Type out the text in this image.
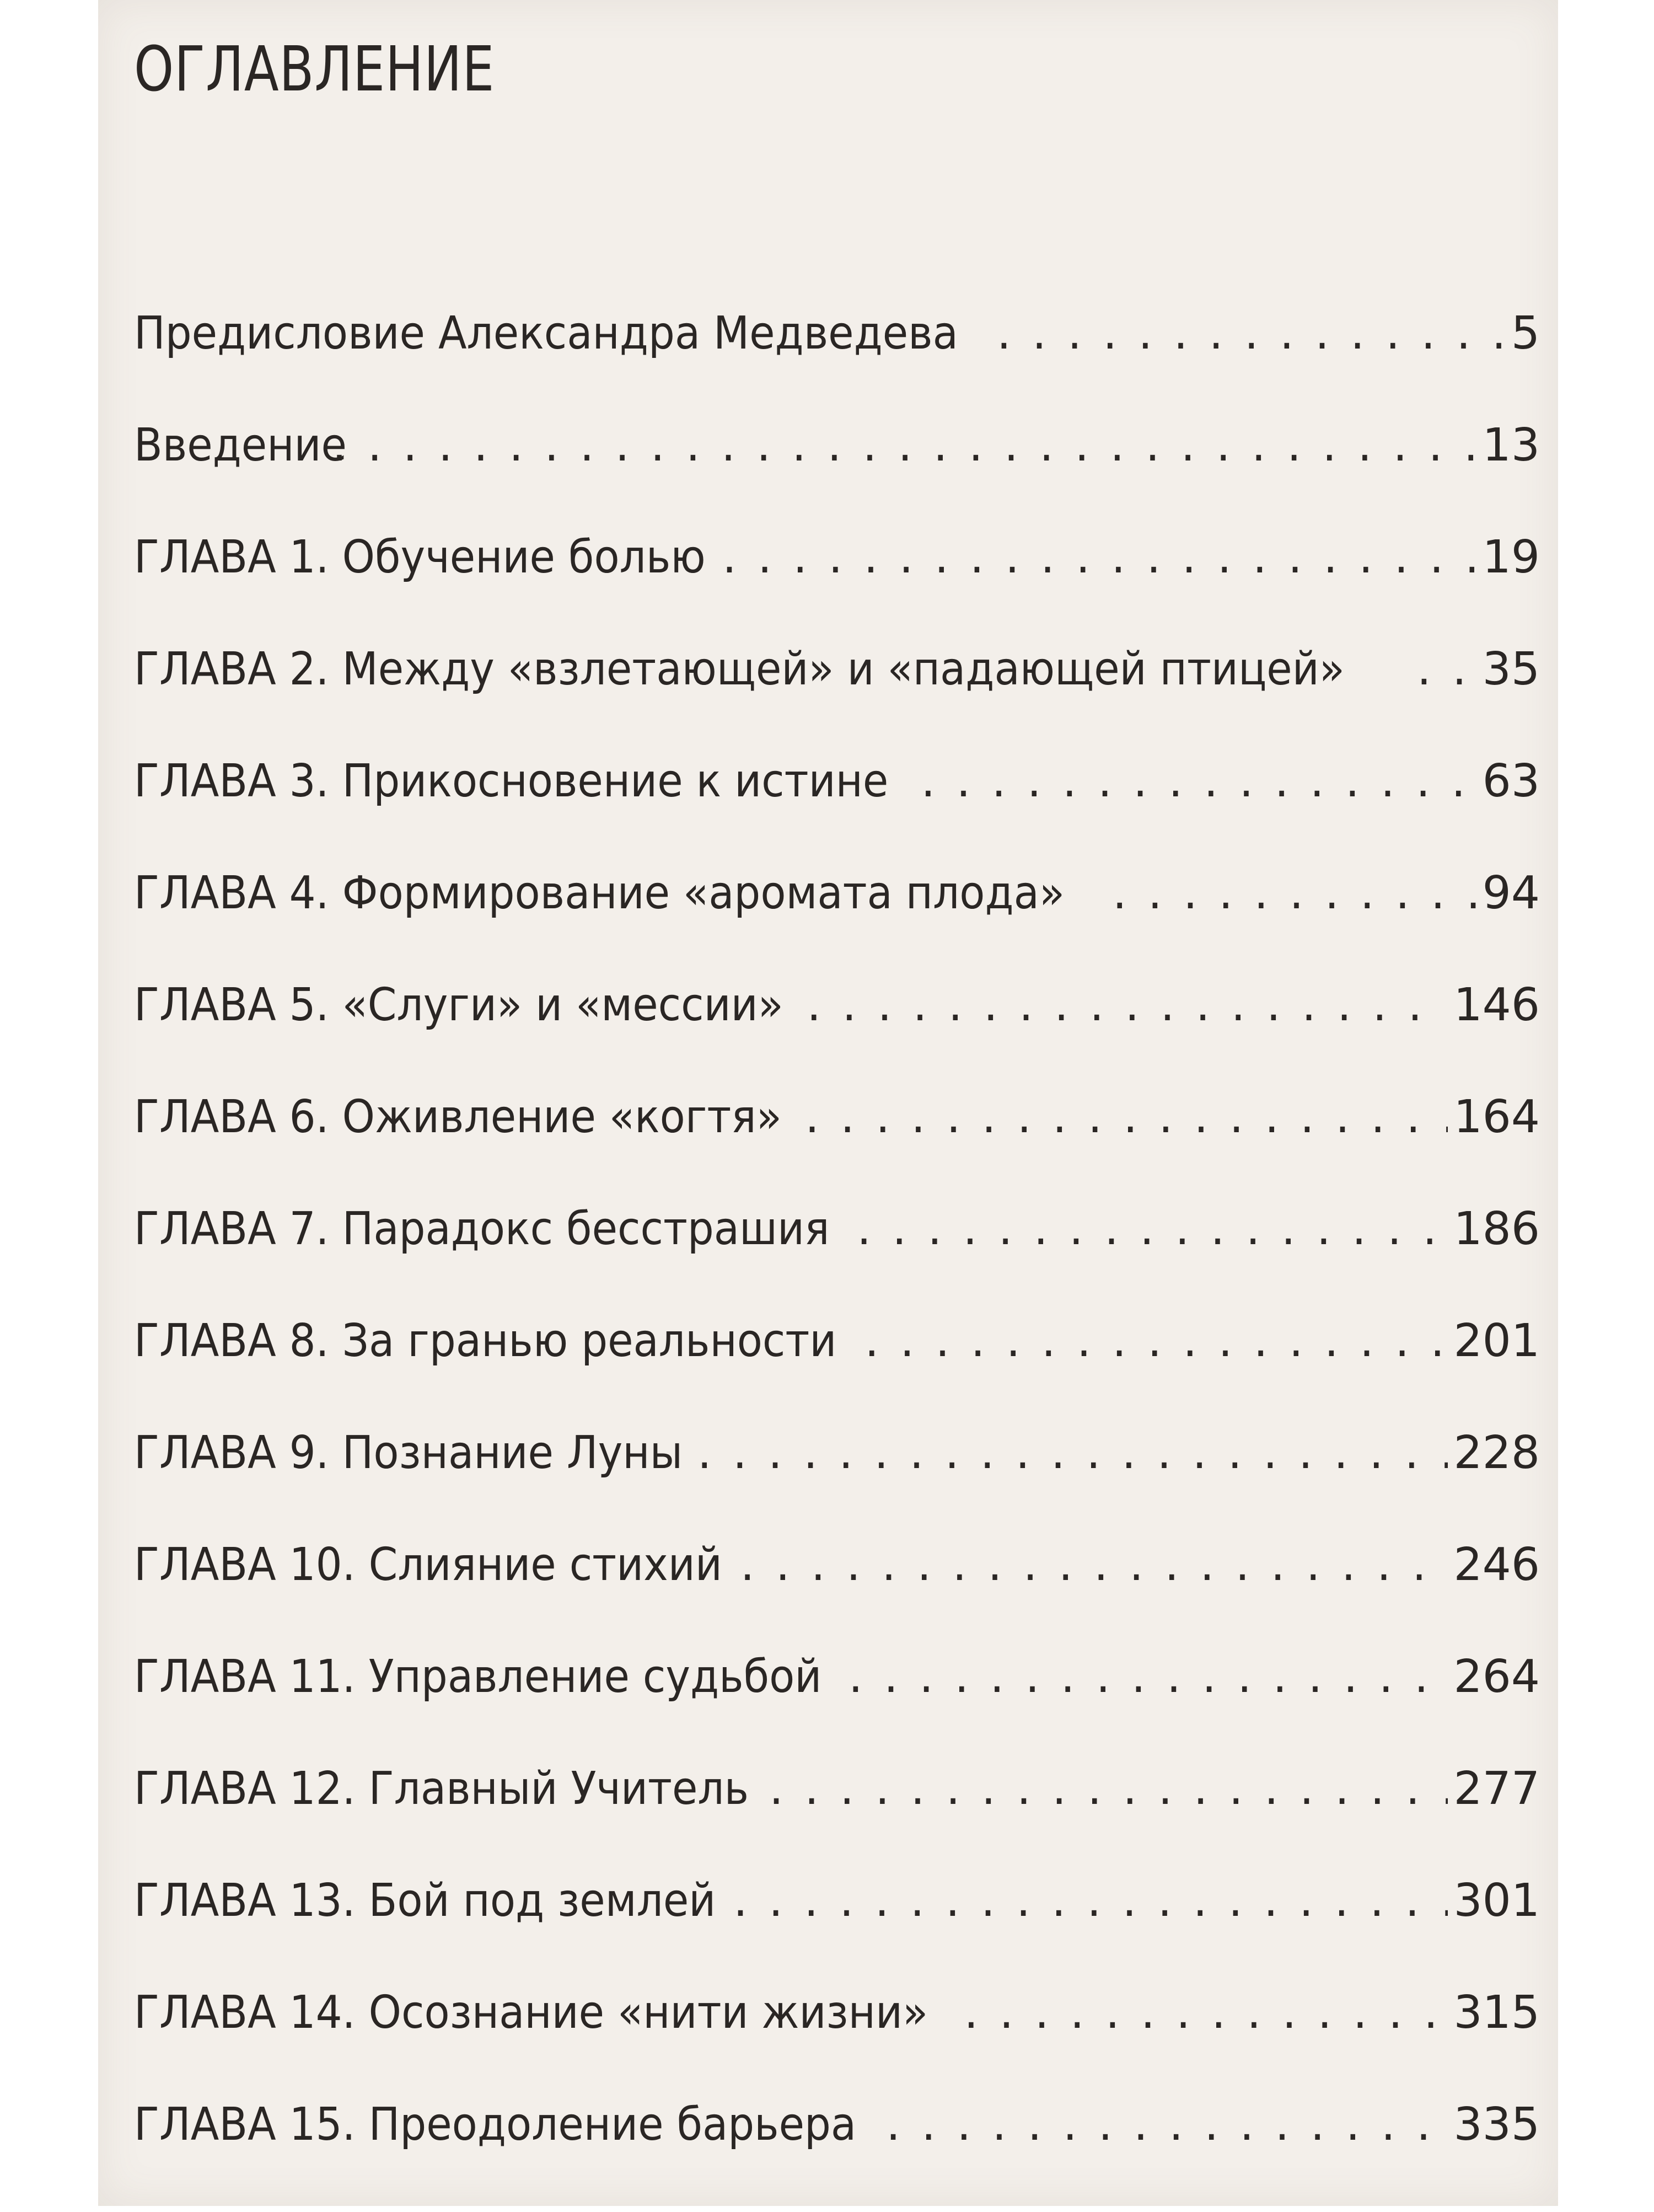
ОГЛАВЛЕНИЕ
Предисловие Александра Медведева . . .	5
Введение . . .	13
ГЛАВА 1. Обучение болью . . .	19
ГЛАВА 2. Между «взлетающей» и «падающей птицей» . . .	35
ГЛАВА 3. Прикосновение к истине . . .	63
ГЛАВА 4. Формирование «аромата плода» . . .	94
ГЛАВА 5. «Слуги» и «мессии» . . .	146
ГЛАВА 6. Оживление «когтя» . . .	164
ГЛАВА 7. Парадокс бесстрашия . . .	186
ГЛАВА 8. За гранью реальности . . .	201
ГЛАВА 9. Познание Луны . . .	228
ГЛАВА 10. Слияние стихий . . .	246
ГЛАВА 11. Управление судьбой . . .	264
ГЛАВА 12. Главный Учитель . . .	277
ГЛАВА 13. Бой под землей . . .	301
ГЛАВА 14. Осознание «нити жизни» . . .	315
ГЛАВА 15. Преодоление барьера . . .	335
